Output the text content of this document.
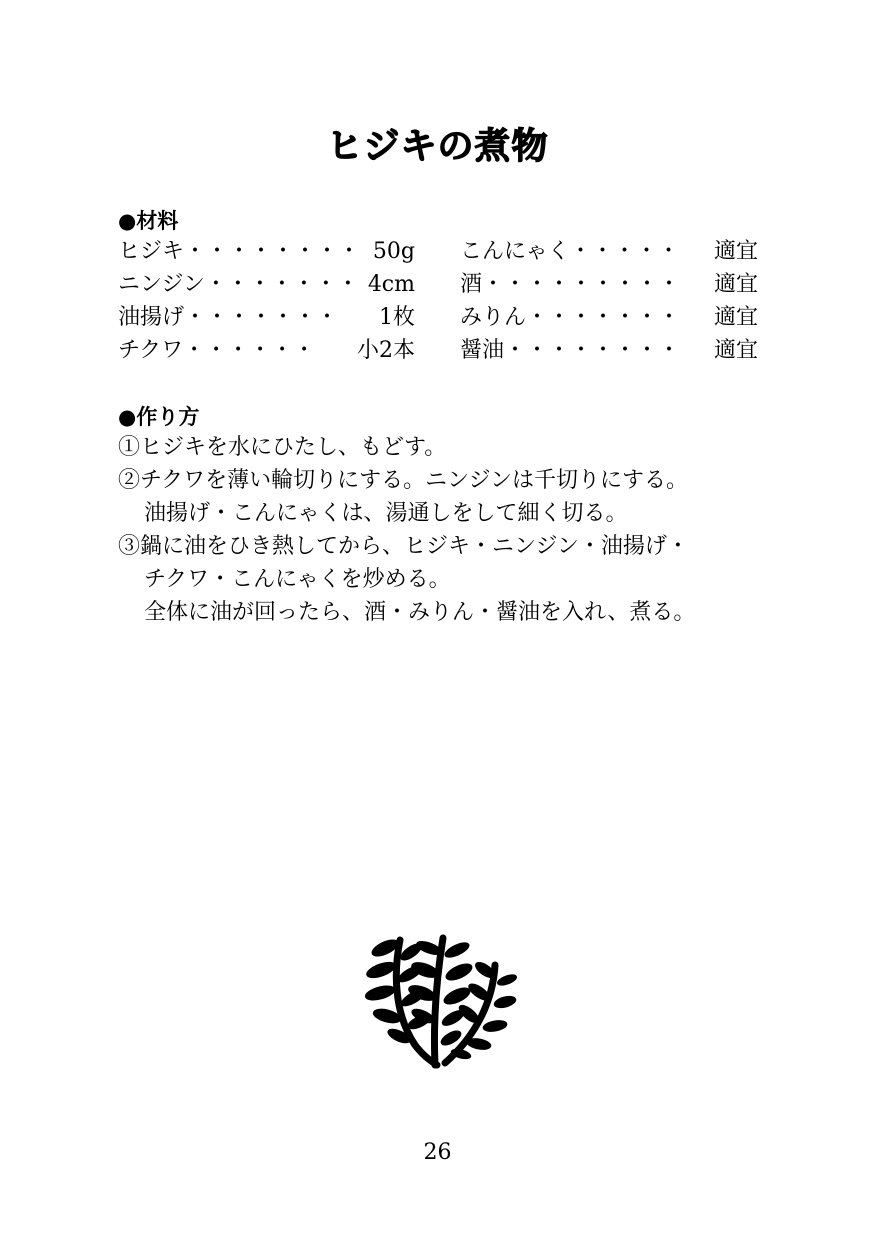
ヒジキの煮物
●材料
ヒジキ・・・・・・・・ 50g
ニンジン・・・・・・・ 4cm
油揚げ・・・・・・・ 1枚
チクワ・・・・・・ 小2本
こんにゃく・・・・・ 適宜
酒・・・・・・・・・ 適宜
みりん・・・・・・・ 適宜
醤油・・・・・・・・ 適宜
●作り方
①ヒジキを水にひたし、もどす。
②チクワを薄い輪切りにする。ニンジンは千切りにする。
油揚げ・こんにゃくは、湯通しをして細く切る。
③鍋に油をひき熱してから、ヒジキ・ニンジン・油揚げ・
チクワ・こんにゃくを炒める。
全体に油が回ったら、酒・みりん・醤油を入れ、煮る。
26
